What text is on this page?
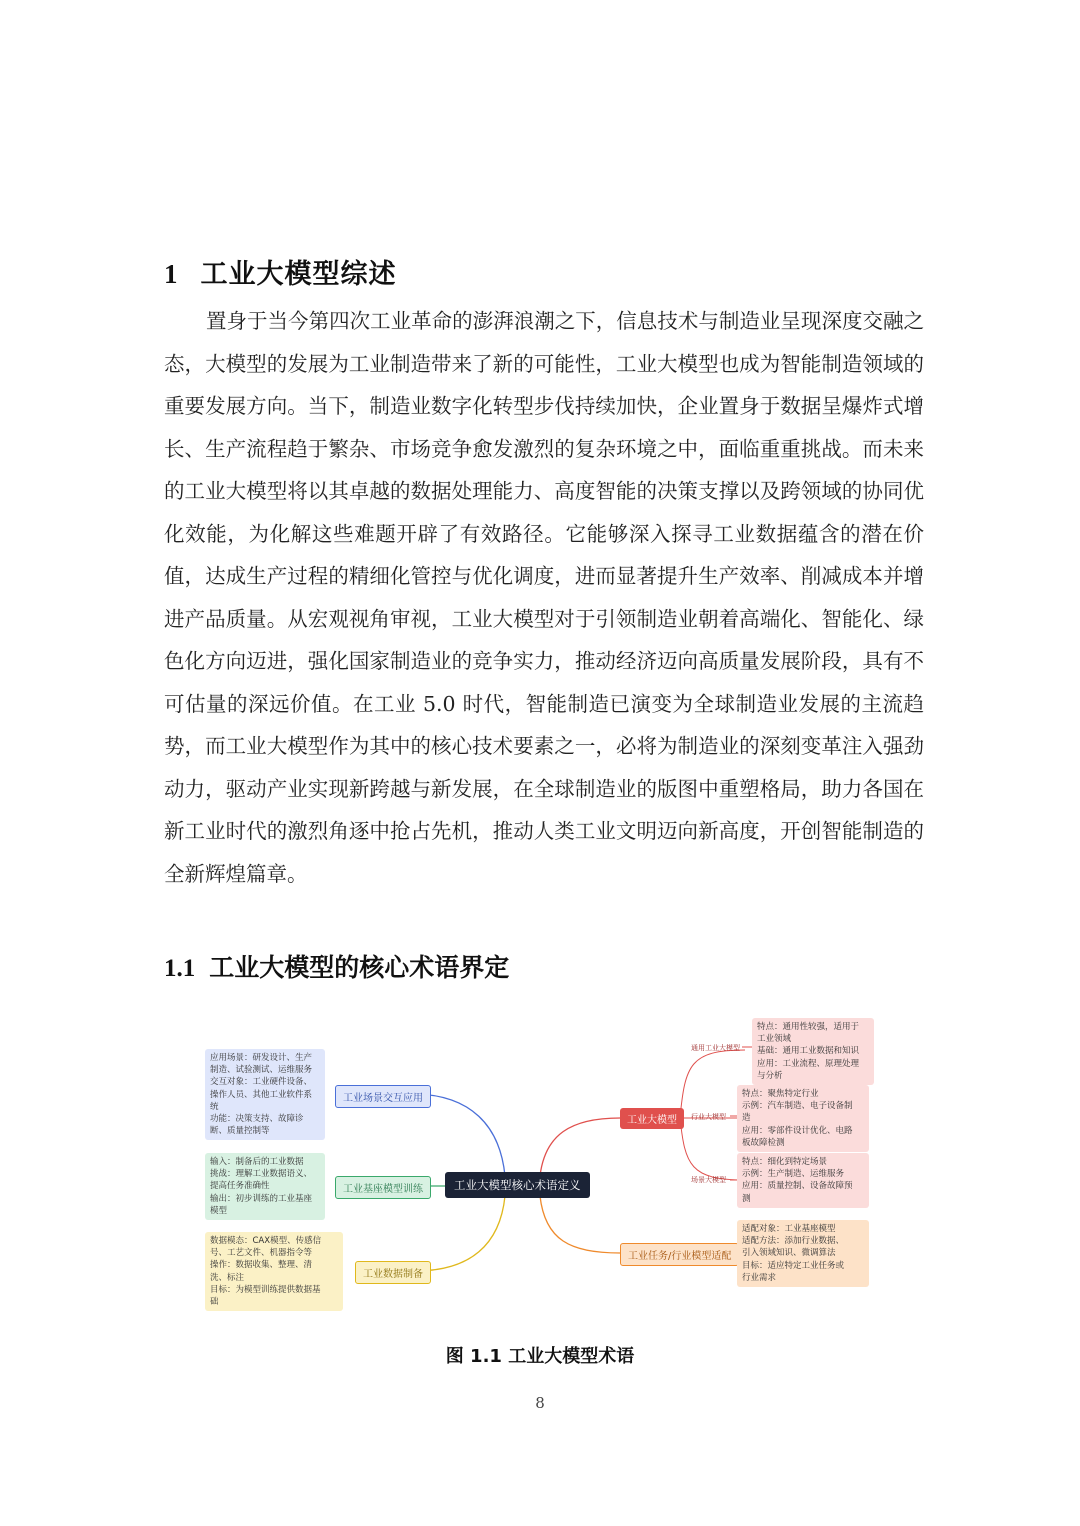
1 工业大模型综述

置身于当今第四次工业革命的澎湃浪潮之下，信息技术与制造业呈现深度交融之态，大模型的发展为工业制造带来了新的可能性，工业大模型也成为智能制造领域的重要发展方向。当下，制造业数字化转型步伐持续加快，企业置身于数据呈爆炸式增长、生产流程趋于繁杂、市场竞争愈发激烈的复杂环境之中，面临重重挑战。而未来的工业大模型将以其卓越的数据处理能力、高度智能的决策支撑以及跨领域的协同优化效能，为化解这些难题开辟了有效路径。它能够深入探寻工业数据蕴含的潜在价值，达成生产过程的精细化管控与优化调度，进而显著提升生产效率、削减成本并增进产品质量。从宏观视角审视，工业大模型对于引领制造业朝着高端化、智能化、绿色化方向迈进，强化国家制造业的竞争实力，推动经济迈向高质量发展阶段，具有不可估量的深远价值。在工业 5.0 时代，智能制造已演变为全球制造业发展的主流趋势，而工业大模型作为其中的核心技术要素之一，必将为制造业的深刻变革注入强劲动力，驱动产业实现新跨越与新发展，在全球制造业的版图中重塑格局，助力各国在新工业时代的激烈角逐中抢占先机，推动人类工业文明迈向新高度，开创智能制造的全新辉煌篇章。

1.1 工业大模型的核心术语界定
工业大模型核心术语定义
应用场景：研发设计、生产
制造、试验测试、运维服务
交互对象：工业硬件设备、
操作人员、其他工业软件系
统
功能：决策支持、故障诊
断、质量控制等
工业场景交互应用
输入：制备后的工业数据
挑战：理解工业数据语义、
提高任务准确性
输出：初步训练的工业基座
模型
工业基座模型训练
数据模态：CAX模型、传感信
号、工艺文件、机器指令等
操作：数据收集、整理、清
洗、标注
目标：为模型训练提供数据基
础
工业数据制备
工业大模型
通用工业大模型
特点：通用性较强，适用于
工业领域
基础：通用工业数据和知识
应用：工业流程、原理处理
与分析
行业大模型
特点：聚焦特定行业
示例：汽车制造、电子设备制
造
应用：零部件设计优化、电路
板故障检测
场景大模型
特点：细化到特定场景
示例：生产制造、运维服务
应用：质量控制、设备故障预
测
工业任务/行业模型适配
适配对象：工业基座模型
适配方法：添加行业数据、
引入领域知识、微调算法
目标：适应特定工业任务或
行业需求
图 1.1 工业大模型术语
8
